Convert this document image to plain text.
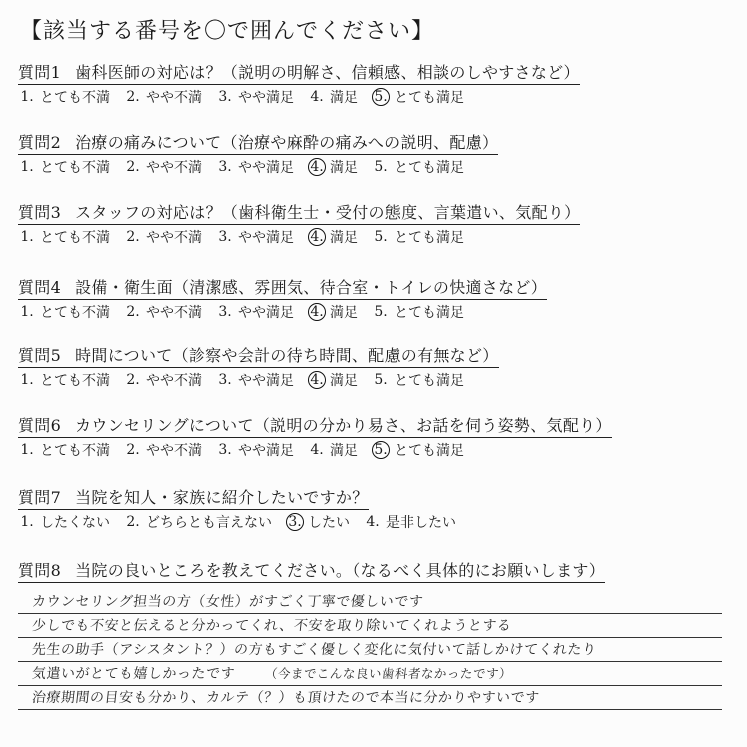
【該当する番号を〇で囲んでください】
質問1 歯科医師の対応は？（説明の明解さ、信頼感、相談のしやすさなど）
1. とても不満 2. やや不満 3. やや満足 4. 満足 5. とても満足
質問2 治療の痛みについて（治療や麻酔の痛みへの説明、配慮）
1. とても不満 2. やや不満 3. やや満足 4. 満足 5. とても満足
質問3 スタッフの対応は？（歯科衛生士・受付の態度、言葉遣い、気配り）
1. とても不満 2. やや不満 3. やや満足 4. 満足 5. とても満足
質問4 設備・衛生面（清潔感、雰囲気、待合室・トイレの快適さなど）
1. とても不満 2. やや不満 3. やや満足 4. 満足 5. とても満足
質問5 時間について（診察や会計の待ち時間、配慮の有無など）
1. とても不満 2. やや不満 3. やや満足 4. 満足 5. とても満足
質問6 カウンセリングについて（説明の分かり易さ、お話を伺う姿勢、気配り）
1. とても不満 2. やや不満 3. やや満足 4. 満足 5. とても満足
質問7 当院を知人・家族に紹介したいですか？
1. したくない 2. どちらとも言えない 3. したい 4. 是非したい
質問8 当院の良いところを教えてください。（なるべく具体的にお願いします）
カウンセリング担当の方（女性）がすごく丁寧で優しいです
少しでも不安と伝えると分かってくれ、不安を取り除いてくれようとする
先生の助手（アシスタント？）の方もすごく優しく変化に気付いて話しかけてくれたり
気遣いがとても嬉しかったです （今までこんな良い歯科者なかったです）
治療期間の目安も分かり、カルテ（？）も頂けたので本当に分かりやすいです
